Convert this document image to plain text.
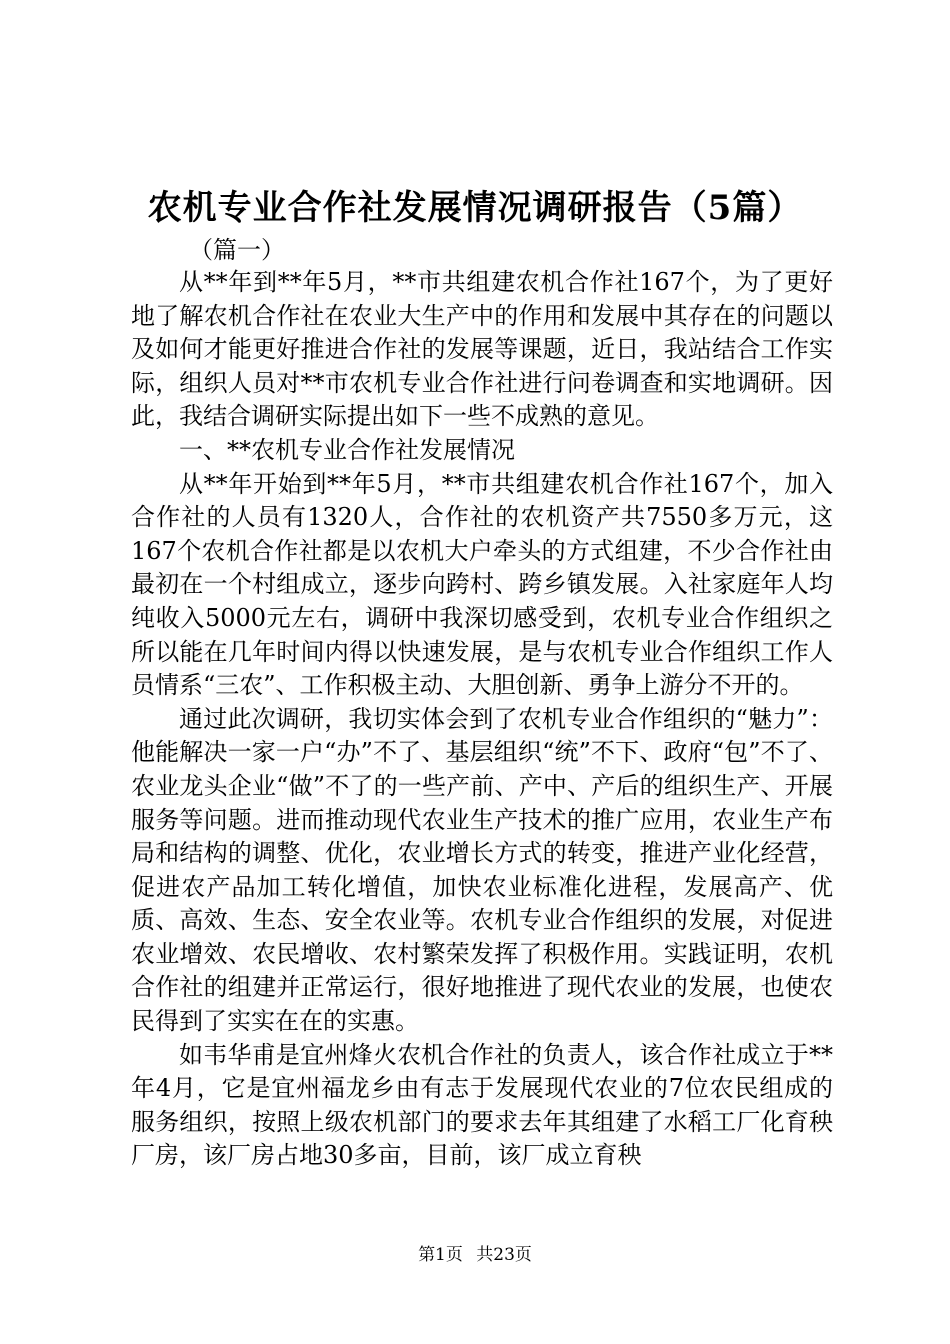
农机专业合作社发展情况调研报告（5篇）

（篇一）

从**年到**年5月，**市共组建农机合作社167个，为了更好地了解农机合作社在农业大生产中的作用和发展中其存在的问题以及如何才能更好推进合作社的发展等课题，近日，我站结合工作实际，组织人员对**市农机专业合作社进行问卷调查和实地调研。因此，我结合调研实际提出如下一些不成熟的意见。

一、**农机专业合作社发展情况

从**年开始到**年5月，**市共组建农机合作社167个，加入合作社的人员有1320人，合作社的农机资产共7550多万元，这167个农机合作社都是以农机大户牵头的方式组建，不少合作社由最初在一个村组成立，逐步向跨村、跨乡镇发展。入社家庭年人均纯收入5000元左右，调研中我深切感受到，农机专业合作组织之所以能在几年时间内得以快速发展，是与农机专业合作组织工作人员情系“三农”、工作积极主动、大胆创新、勇争上游分不开的。

通过此次调研，我切实体会到了农机专业合作组织的“魅力”：他能解决一家一户“办”不了、基层组织“统”不下、政府“包”不了、农业龙头企业“做”不了的一些产前、产中、产后的组织生产、开展服务等问题。进而推动现代农业生产技术的推广应用，农业生产布局和结构的调整、优化，农业增长方式的转变，推进产业化经营，促进农产品加工转化增值，加快农业标准化进程，发展高产、优质、高效、生态、安全农业等。农机专业合作组织的发展，对促进农业增效、农民增收、农村繁荣发挥了积极作用。实践证明，农机合作社的组建并正常运行，很好地推进了现代农业的发展，也使农民得到了实实在在的实惠。

如韦华甫是宜州烽火农机合作社的负责人，该合作社成立于**年4月，它是宜州福龙乡由有志于发展现代农业的7位农民组成的服务组织，按照上级农机部门的要求去年其组建了水稻工厂化育秧厂房，该厂房占地30多亩，目前，该厂成立育秧

第1页 共23页
